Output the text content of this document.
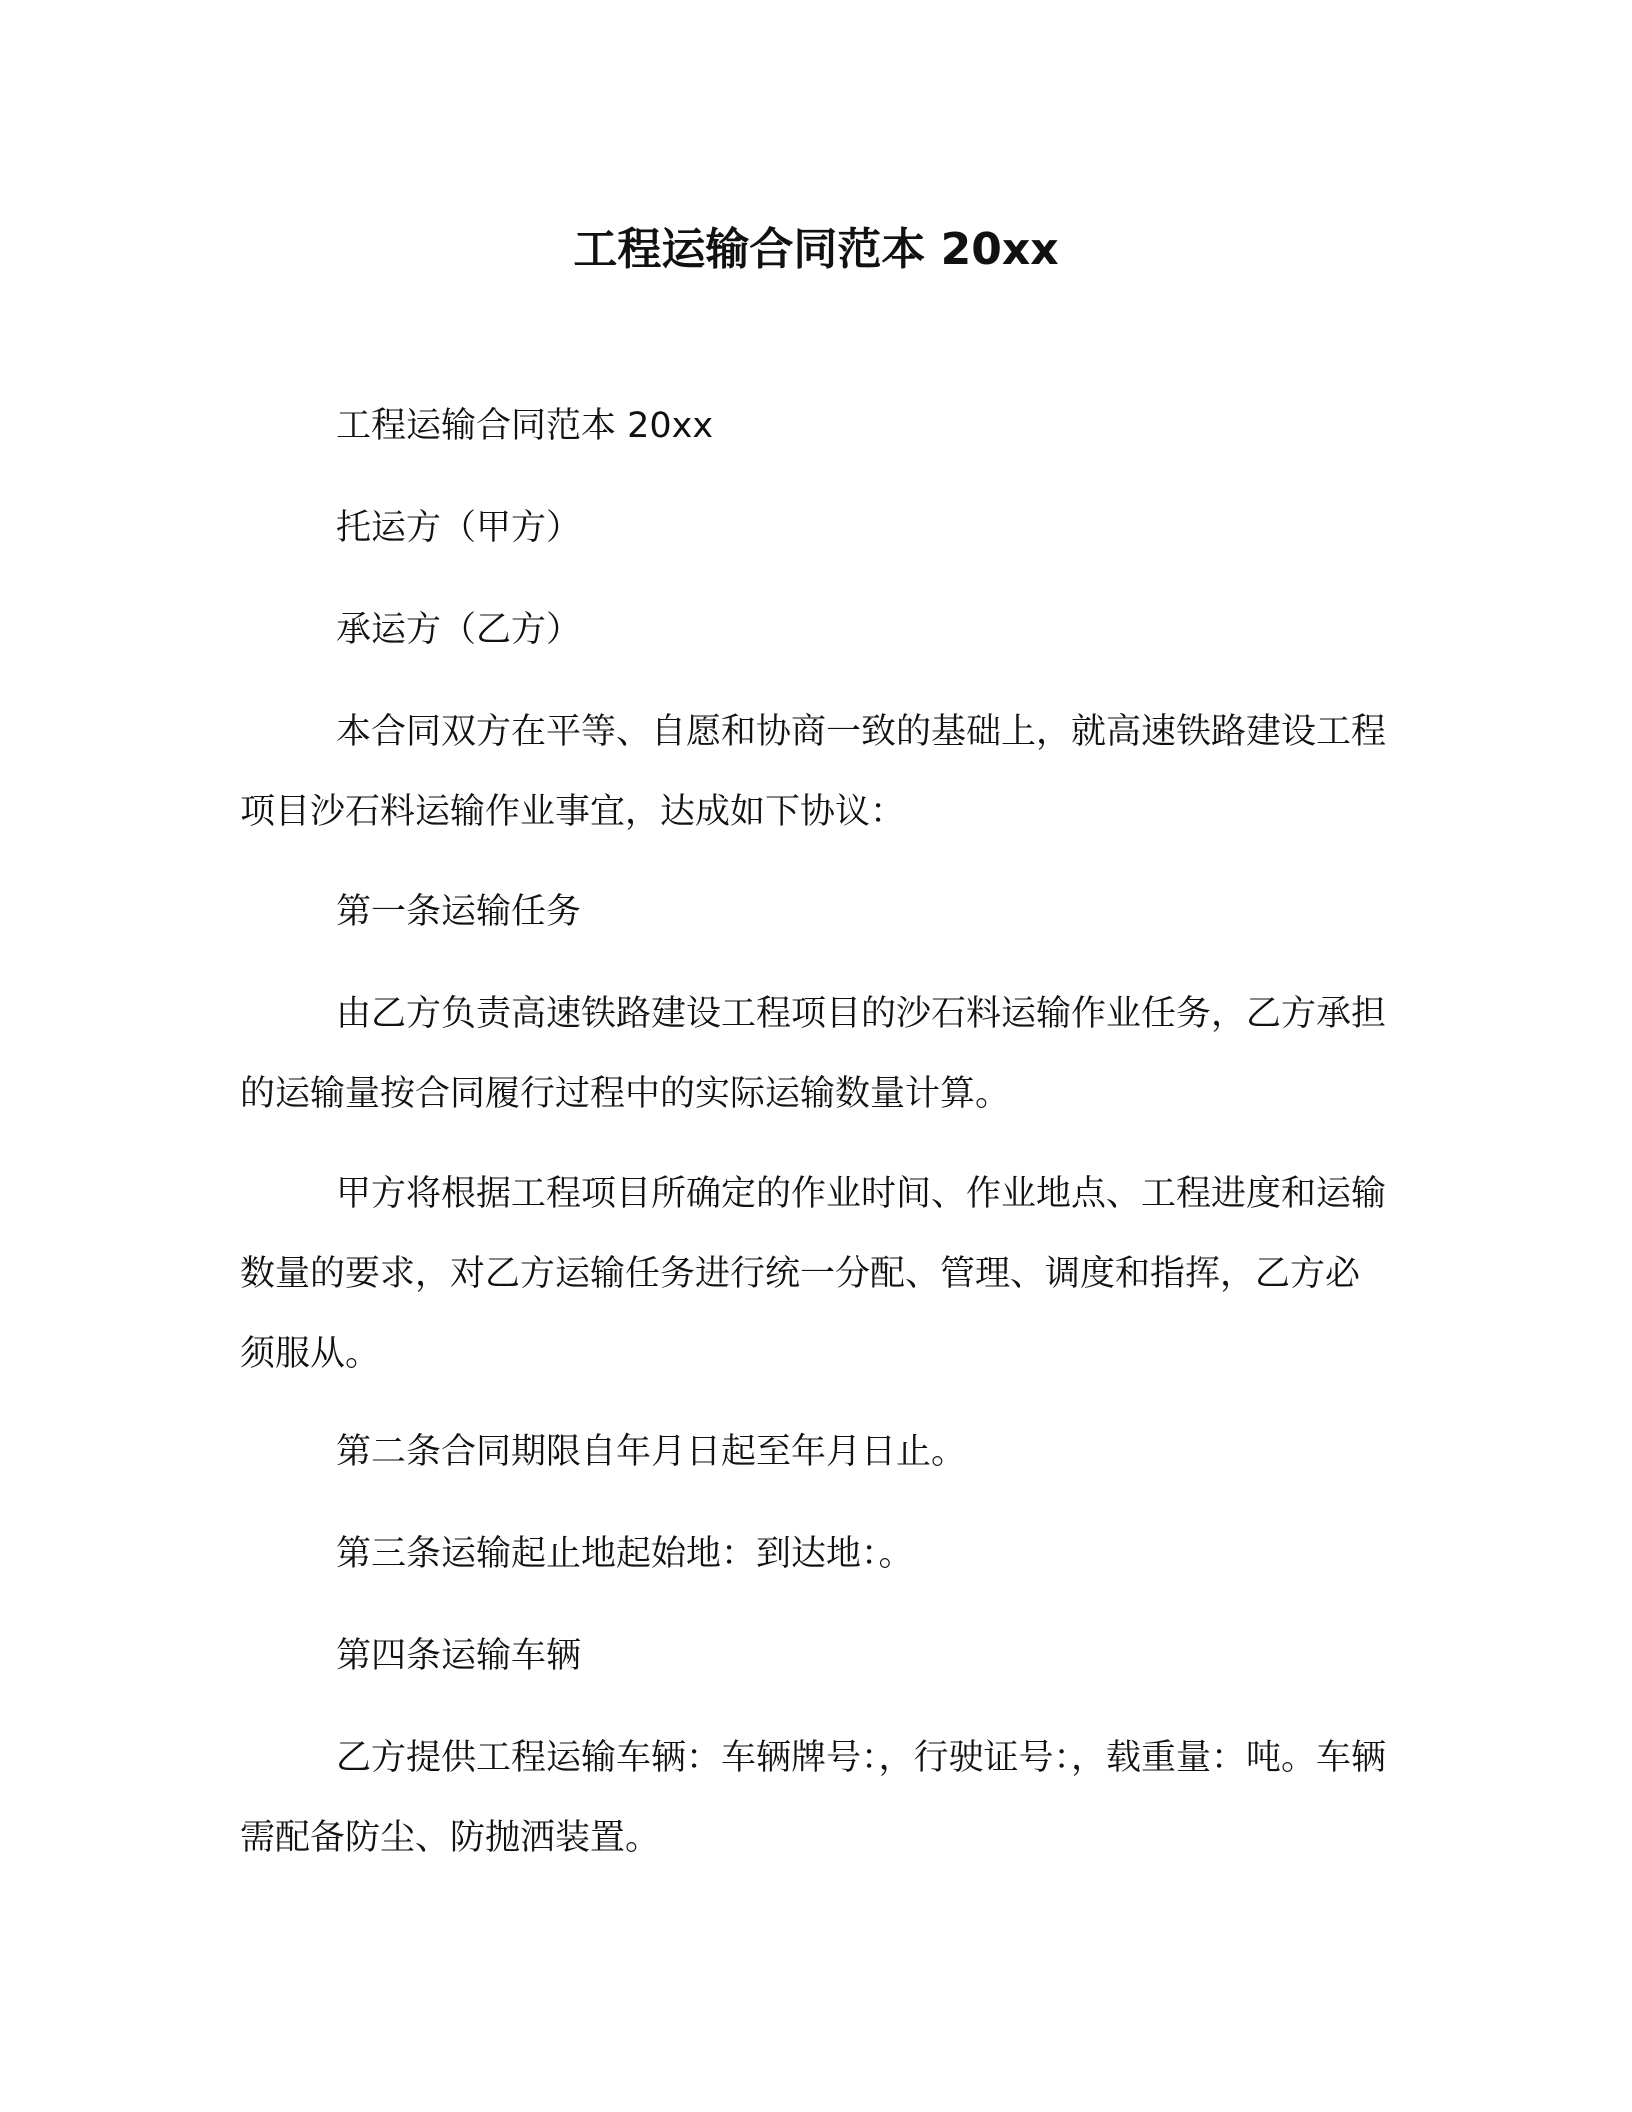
工程运输合同范本 20xx

工程运输合同范本 20xx

托运方（甲方）

承运方（乙方）

本合同双方在平等、自愿和协商一致的基础上，就高速铁路建设工程项目沙石料运输作业事宜，达成如下协议：

第一条运输任务

由乙方负责高速铁路建设工程项目的沙石料运输作业任务，乙方承担的运输量按合同履行过程中的实际运输数量计算。

甲方将根据工程项目所确定的作业时间、作业地点、工程进度和运输数量的要求，对乙方运输任务进行统一分配、管理、调度和指挥，乙方必须服从。

第二条合同期限自年月日起至年月日止。

第三条运输起止地起始地：到达地：。

第四条运输车辆

乙方提供工程运输车辆：车辆牌号：，行驶证号：，载重量：吨。车辆需配备防尘、防抛洒装置。
